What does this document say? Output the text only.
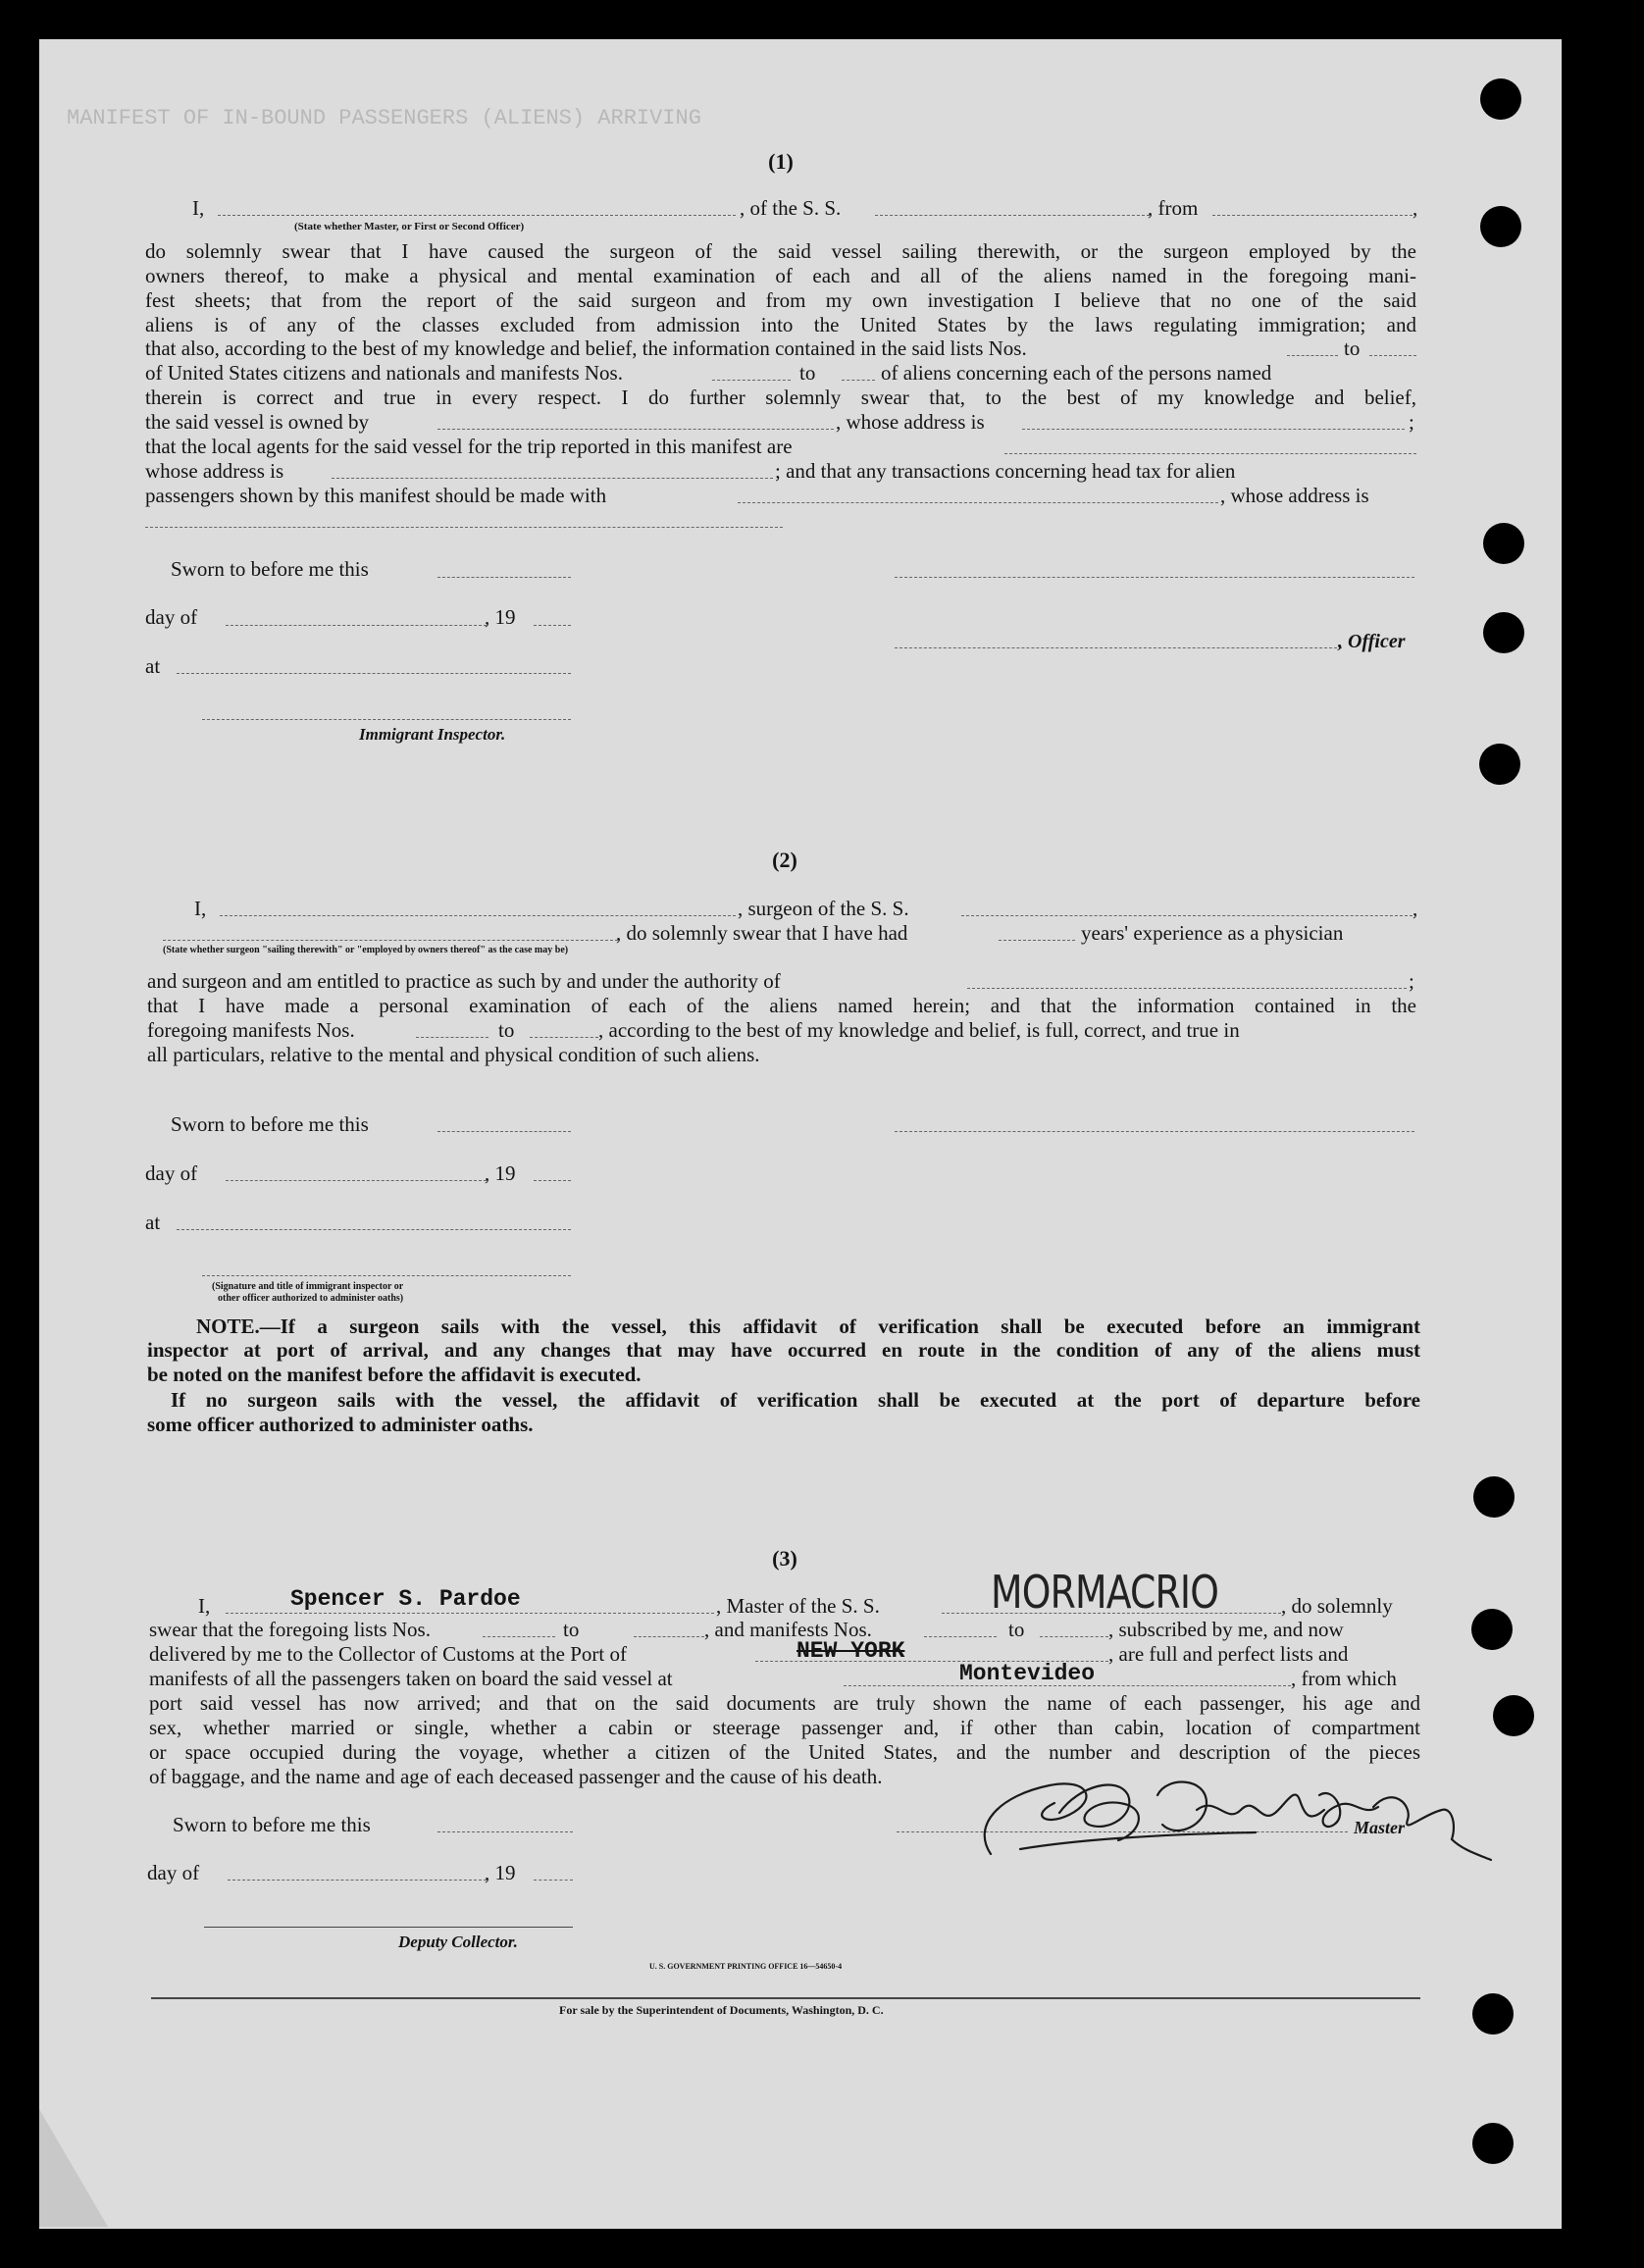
MANIFEST OF IN-BOUND PASSENGERS (ALIENS) ARRIVING
(1)
I,	, of the S. S.	, from	,
(State whether Master, or First or Second Officer)
do solemnly swear that I have caused the surgeon of the said vessel sailing therewith, or the surgeon employed by the
owners thereof, to make a physical and mental examination of each and all of the aliens named in the foregoing mani-
fest sheets; that from the report of the said surgeon and from my own investigation I believe that no one of the said
aliens is of any of the classes excluded from admission into the United States by the laws regulating immigration; and
that also, according to the best of my knowledge and belief, the information contained in the said lists Nos.	to
of United States citizens and nationals and manifests Nos.	to	of aliens concerning each of the persons named
therein is correct and true in every respect. I do further solemnly swear that, to the best of my knowledge and belief,
the said vessel is owned by	, whose address is	;
that the local agents for the said vessel for the trip reported in this manifest are
whose address is	; and that any transactions concerning head tax for alien
passengers shown by this manifest should be made with	, whose address is
Sworn to before me this
day of	, 19
, Officer
at
Immigrant Inspector.
(2)
I,	, surgeon of the S. S.	,
, do solemnly swear that I have had	years' experience as a physician
(State whether surgeon "sailing therewith" or "employed by owners thereof" as the case may be)
and surgeon and am entitled to practice as such by and under the authority of	;
that I have made a personal examination of each of the aliens named herein; and that the information contained in the
foregoing manifests Nos.	to	, according to the best of my knowledge and belief, is full, correct, and true in
all particulars, relative to the mental and physical condition of such aliens.
Sworn to before me this
day of	, 19
at
(Signature and title of immigrant inspector or
other officer authorized to administer oaths)
NOTE.—If a surgeon sails with the vessel, this affidavit of verification shall be executed before an immigrant
inspector at port of arrival, and any changes that may have occurred en route in the condition of any of the aliens must
be noted on the manifest before the affidavit is executed.
If no surgeon sails with the vessel, the affidavit of verification shall be executed at the port of departure before
some officer authorized to administer oaths.
(3)
I,	Spencer S. Pardoe	, Master of the S. S. MORMACRIO	, do solemnly
swear that the foregoing lists Nos.	to	, and manifests Nos.	to	, subscribed by me, and now
delivered by me to the Collector of Customs at the Port of	NEW YORK	, are full and perfect lists and
manifests of all the passengers taken on board the said vessel at	Montevideo	, from which
port said vessel has now arrived; and that on the said documents are truly shown the name of each passenger, his age and
sex, whether married or single, whether a cabin or steerage passenger and, if other than cabin, location of compartment
or space occupied during the voyage, whether a citizen of the United States, and the number and description of the pieces
of baggage, and the name and age of each deceased passenger and the cause of his death.
Sworn to before me this	Master
day of	, 19
Deputy Collector.
U. S. GOVERNMENT PRINTING OFFICE 16—54650-4
For sale by the Superintendent of Documents, Washington, D. C.
